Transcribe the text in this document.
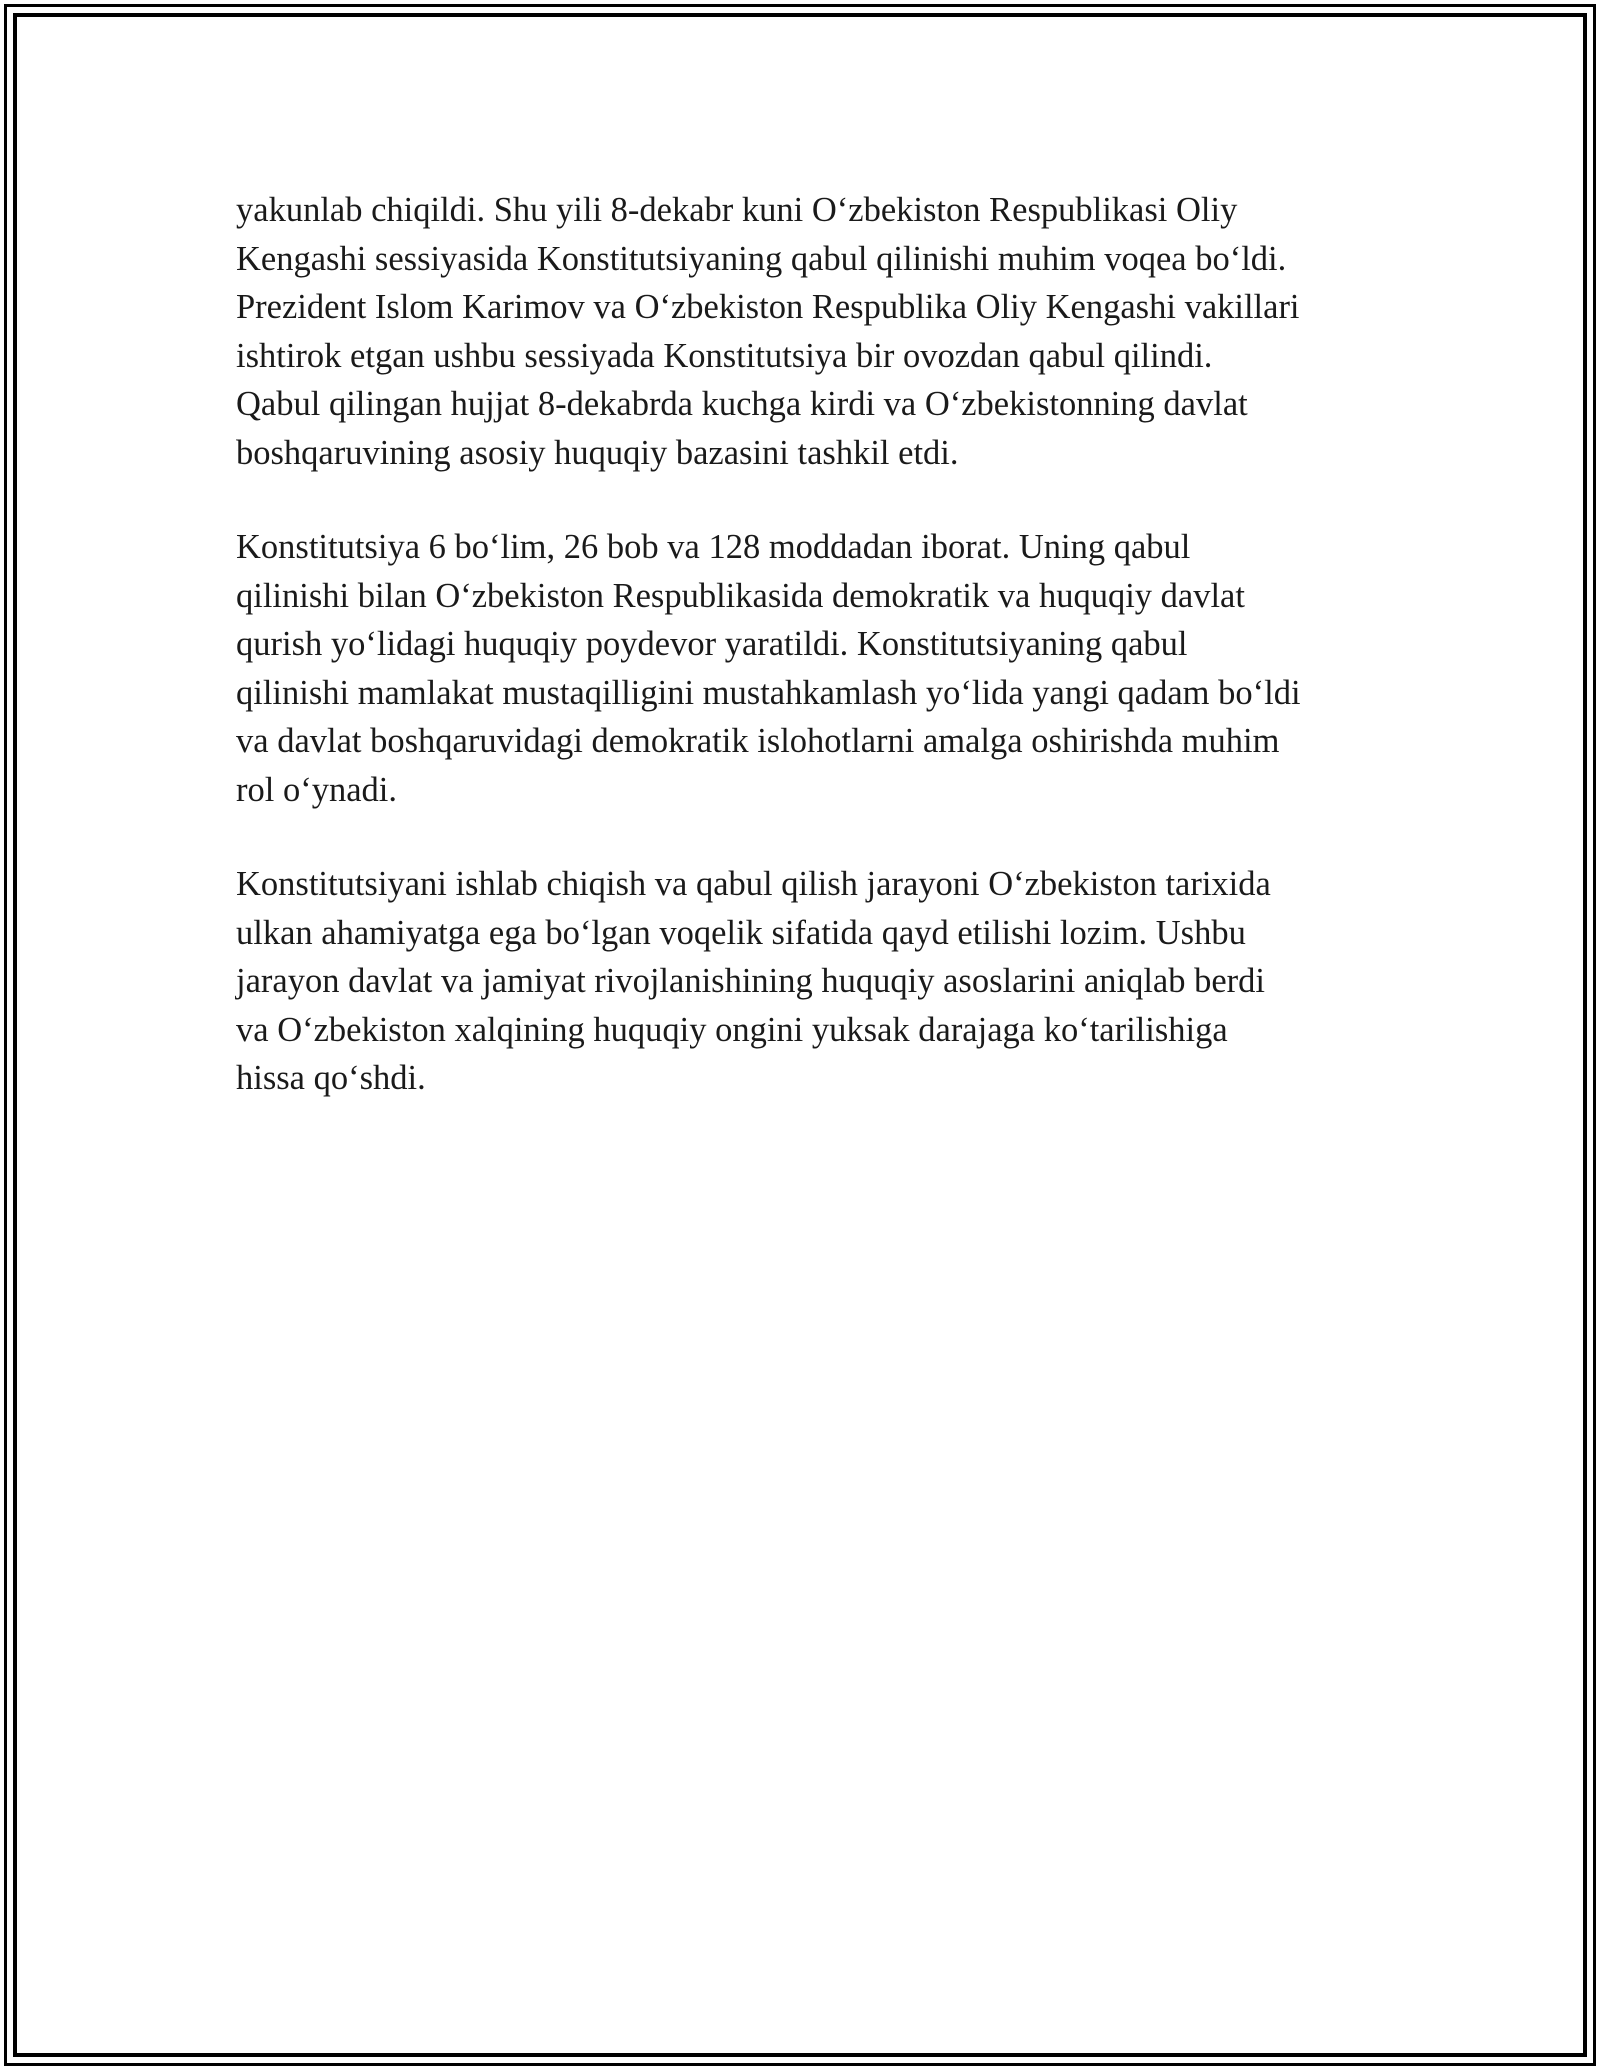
yakunlab chiqildi. Shu yili 8-dekabr kuni O‘zbekiston Respublikasi Oliy
Kengashi sessiyasida Konstitutsiyaning qabul qilinishi muhim voqea bo‘ldi.
Prezident Islom Karimov va O‘zbekiston Respublika Oliy Kengashi vakillari
ishtirok etgan ushbu sessiyada Konstitutsiya bir ovozdan qabul qilindi.
Qabul qilingan hujjat 8-dekabrda kuchga kirdi va O‘zbekistonning davlat
boshqaruvining asosiy huquqiy bazasini tashkil etdi.

Konstitutsiya 6 bo‘lim, 26 bob va 128 moddadan iborat. Uning qabul
qilinishi bilan O‘zbekiston Respublikasida demokratik va huquqiy davlat
qurish yo‘lidagi huquqiy poydevor yaratildi. Konstitutsiyaning qabul
qilinishi mamlakat mustaqilligini mustahkamlash yo‘lida yangi qadam bo‘ldi
va davlat boshqaruvidagi demokratik islohotlarni amalga oshirishda muhim
rol o‘ynadi.

Konstitutsiyani ishlab chiqish va qabul qilish jarayoni O‘zbekiston tarixida
ulkan ahamiyatga ega bo‘lgan voqelik sifatida qayd etilishi lozim. Ushbu
jarayon davlat va jamiyat rivojlanishining huquqiy asoslarini aniqlab berdi
va O‘zbekiston xalqining huquqiy ongini yuksak darajaga ko‘tarilishiga
hissa qo‘shdi.
